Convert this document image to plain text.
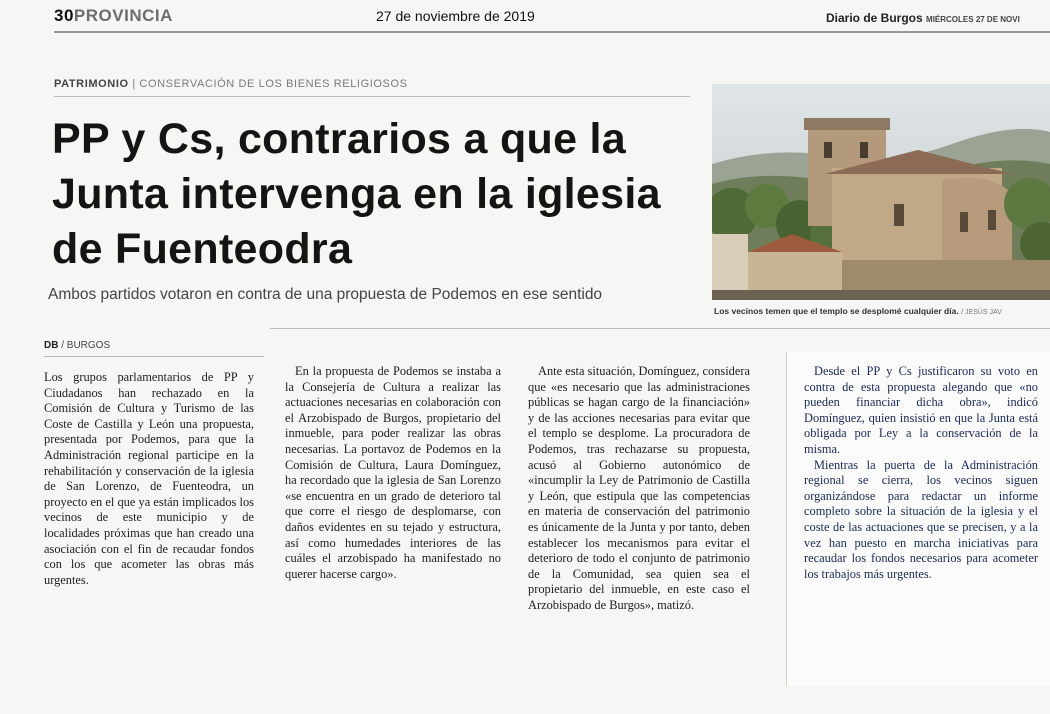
30PROVINCIA	27 de noviembre de 2019	Diario de Burgos MIÉRCOLES 27 DE NOVI
PATRIMONIO | CONSERVACIÓN DE LOS BIENES RELIGIOSOS
PP y Cs, contrarios a que la Junta intervenga en la iglesia de Fuenteodra
Ambos partidos votaron en contra de una propuesta de Podemos en ese sentido
Los vecinos temen que el templo se desplomé cualquier día. / JESÚS JAV
DB / BURGOS

Los grupos parlamentarios de PP y Ciudadanos han rechazado en la Comisión de Cultura y Turismo de las Coste de Castilla y León una propuesta, presentada por Podemos, para que la Administración regional participe en la rehabilitación y conservación de la iglesia de San Lorenzo, de Fuenteodra, un proyecto en el que ya están implicados los vecinos de este municipio y de localidades próximas que han creado una asociación con el fin de recaudar fondos con los que acometer las obras más urgentes.

En la propuesta de Podemos se instaba a la Consejería de Cultura a realizar las actuaciones necesarias en colaboración con el Arzobispado de Burgos, propietario del inmueble, para poder realizar las obras necesarias. La portavoz de Podemos en la Comisión de Cultura, Laura Domínguez, ha recordado que la iglesia de San Lorenzo «se encuentra en un grado de deterioro tal que corre el riesgo de desplomarse, con daños evidentes en su tejado y estructura, así como humedades interiores de las cuáles el arzobispado ha manifestado no querer hacerse cargo».

Ante esta situación, Domínguez, considera que «es necesario que las administraciones públicas se hagan cargo de la financiación» y de las acciones necesarias para evitar que el templo se desplome. La procuradora de Podemos, tras rechazarse su propuesta, acusó al Gobierno autonómico de «incumplir la Ley de Patrimonio de Castilla y León, que estipula que las competencias en materia de conservación del patrimonio es únicamente de la Junta y por tanto, deben establecer los mecanismos para evitar el deterioro de todo el conjunto de patrimonio de la Comunidad, sea quien sea el propietario del inmueble, en este caso el Arzobispado de Burgos», matizó.

Desde el PP y Cs justificaron su voto en contra de esta propuesta alegando que «no pueden financiar dicha obra», indicó Domínguez, quien insistió en que la Junta está obligada por Ley a la conservación de la misma.

Mientras la puerta de la Administración regional se cierra, los vecinos siguen organizándose para redactar un informe completo sobre la situación de la iglesia y el coste de las actuaciones que se precisen, y a la vez han puesto en marcha iniciativas para recaudar los fondos necesarios para acometer los trabajos más urgentes.
